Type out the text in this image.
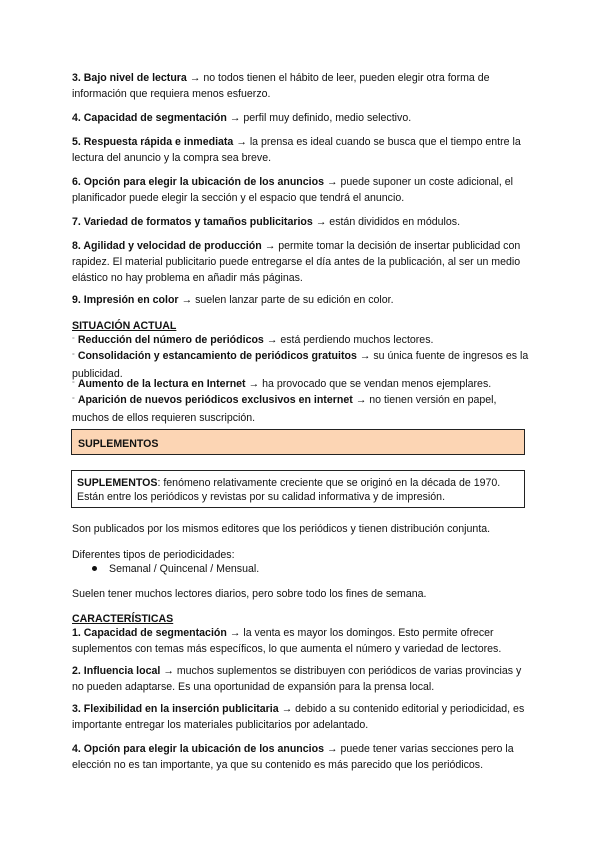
3. Bajo nivel de lectura → no todos tienen el hábito de leer, pueden elegir otra forma de información que requiera menos esfuerzo.

4. Capacidad de segmentación → perfil muy definido, medio selectivo.

5. Respuesta rápida e inmediata → la prensa es ideal cuando se busca que el tiempo entre la lectura del anuncio y la compra sea breve.

6. Opción para elegir la ubicación de los anuncios → puede suponer un coste adicional, el planificador puede elegir la sección y el espacio que tendrá el anuncio.

7. Variedad de formatos y tamaños publicitarios → están divididos en módulos.

8. Agilidad y velocidad de producción → permite tomar la decisión de insertar publicidad con rapidez. El material publicitario puede entregarse el día antes de la publicación, al ser un medio elástico no hay problema en añadir más páginas.

9. Impresión en color → suelen lanzar parte de su edición en color.

SITUACIÓN ACTUAL

° Reducción del número de periódicos → está perdiendo muchos lectores.

° Consolidación y estancamiento de periódicos gratuitos → su única fuente de ingresos es la publicidad.

° Aumento de la lectura en Internet → ha provocado que se vendan menos ejemplares.

° Aparición de nuevos periódicos exclusivos en internet → no tienen versión en papel, muchos de ellos requieren suscripción.

SUPLEMENTOS
SUPLEMENTOS: fenómeno relativamente creciente que se originó en la década de 1970. Están entre los periódicos y revistas por su calidad informativa y de impresión.

Son publicados por los mismos editores que los periódicos y tienen distribución conjunta.

Diferentes tipos de periodicidades:

Semanal / Quincenal / Mensual.

Suelen tener muchos lectores diarios, pero sobre todo los fines de semana.

CARACTERÍSTICAS

1. Capacidad de segmentación → la venta es mayor los domingos. Esto permite ofrecer suplementos con temas más específicos, lo que aumenta el número y variedad de lectores.

2. Influencia local → muchos suplementos se distribuyen con periódicos de varias provincias y no pueden adaptarse. Es una oportunidad de expansión para la prensa local.

3. Flexibilidad en la inserción publicitaria → debido a su contenido editorial y periodicidad, es importante entregar los materiales publicitarios por adelantado.

4. Opción para elegir la ubicación de los anuncios → puede tener varias secciones pero la elección no es tan importante, ya que su contenido es más parecido que los periódicos.
